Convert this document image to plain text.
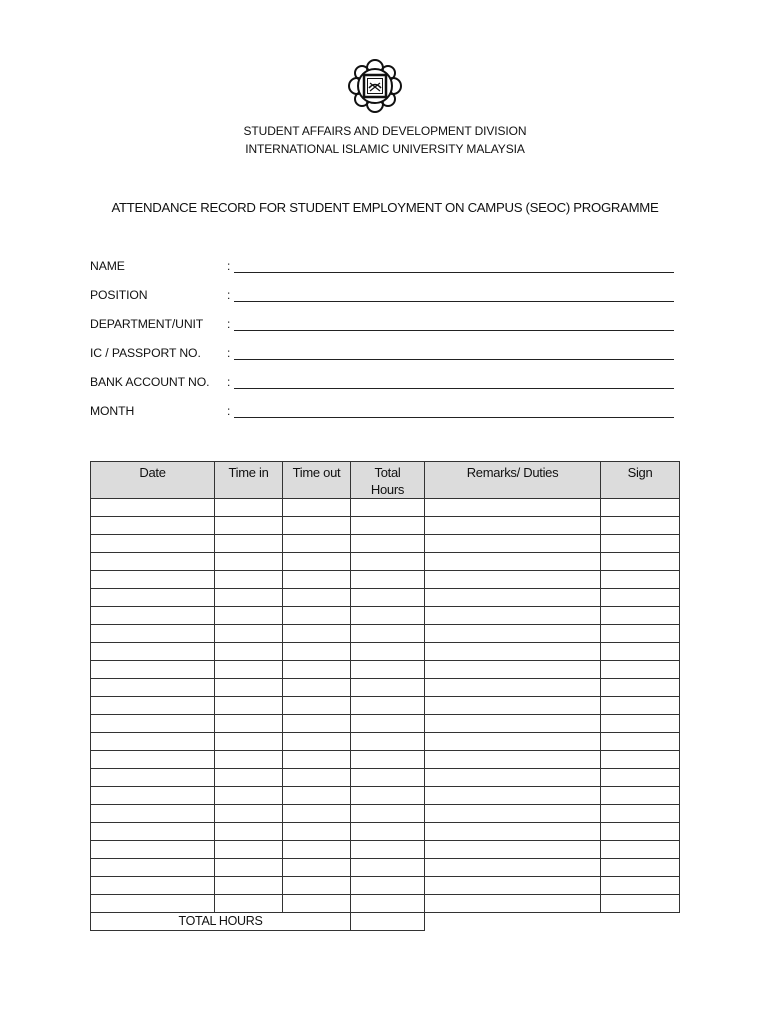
STUDENT AFFAIRS AND DEVELOPMENT DIVISION
INTERNATIONAL ISLAMIC UNIVERSITY MALAYSIA
ATTENDANCE RECORD FOR STUDENT EMPLOYMENT ON CAMPUS (SEOC) PROGRAMME
NAME	:
POSITION	:
DEPARTMENT/UNIT :
IC / PASSPORT NO. :
BANK ACCOUNT NO. :
MONTH	:
Date	Time in	Time out	Total Hours	Remarks/ Duties	Sign

TOTAL HOURS					
